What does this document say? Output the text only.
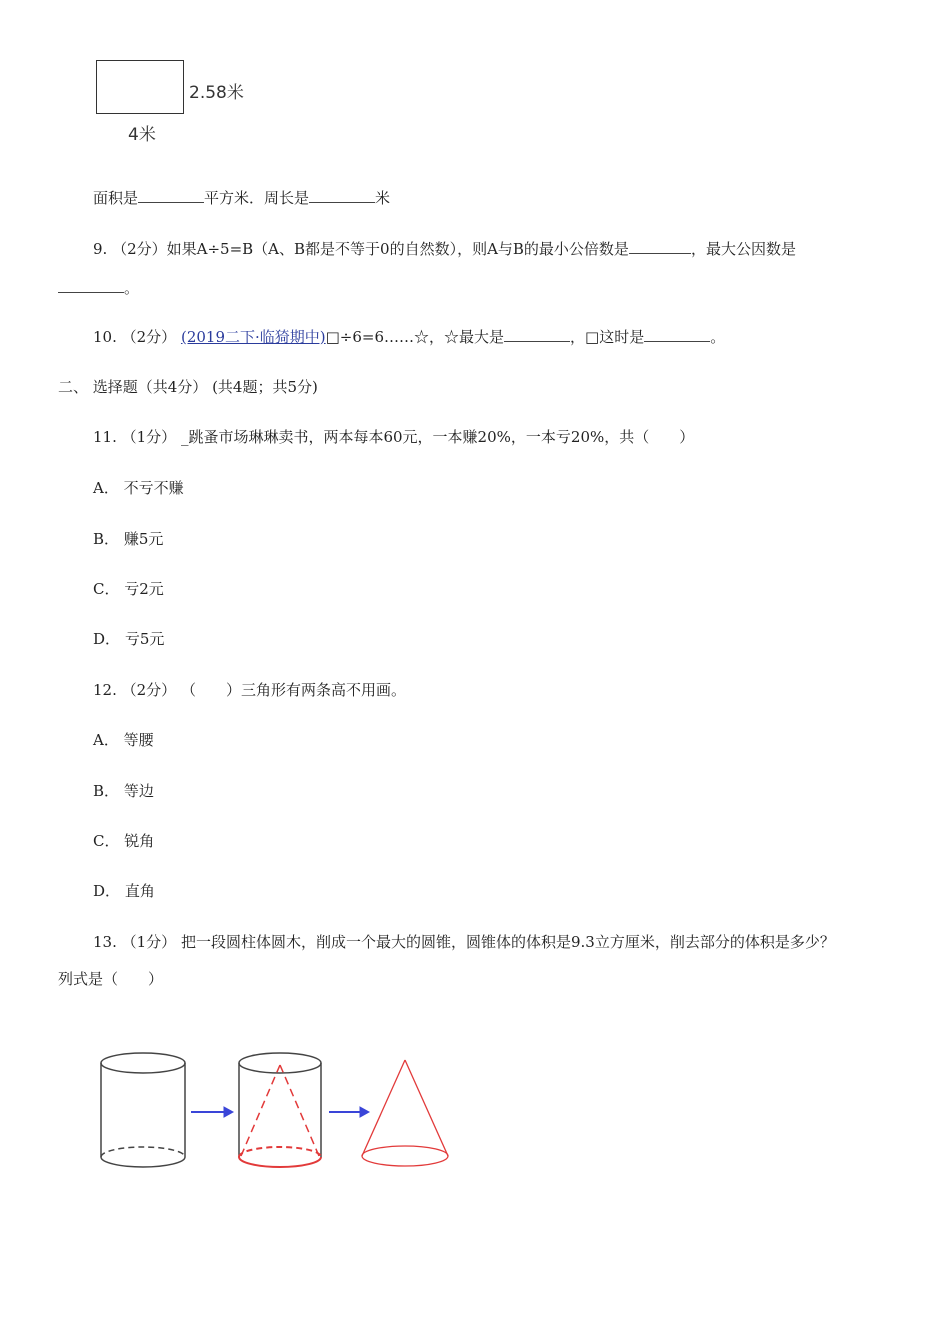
2.58米
4米
面积是	平方米．周长是	米
9. （2分）如果A÷5=B（A、B都是不等于0的自然数），则A与B的最小公倍数是	，最大公因数是
。
10. （2分） (2019二下·临猗期中)□÷6=6……☆，☆最大是	，□这时是	。
二、 选择题（共4分） (共4题；共5分)
11. （1分） _跳蚤市场琳琳卖书，两本每本60元，一本赚20%，一本亏20%，共（　　）
A． 不亏不赚
B． 赚5元
C． 亏2元
D． 亏5元
12. （2分） （　　）三角形有两条高不用画。
A． 等腰
B． 等边
C． 锐角
D． 直角
13. （1分） 把一段圆柱体圆木，削成一个最大的圆锥，圆锥体的体积是9.3立方厘米，削去部分的体积是多少？
列式是（　　）
